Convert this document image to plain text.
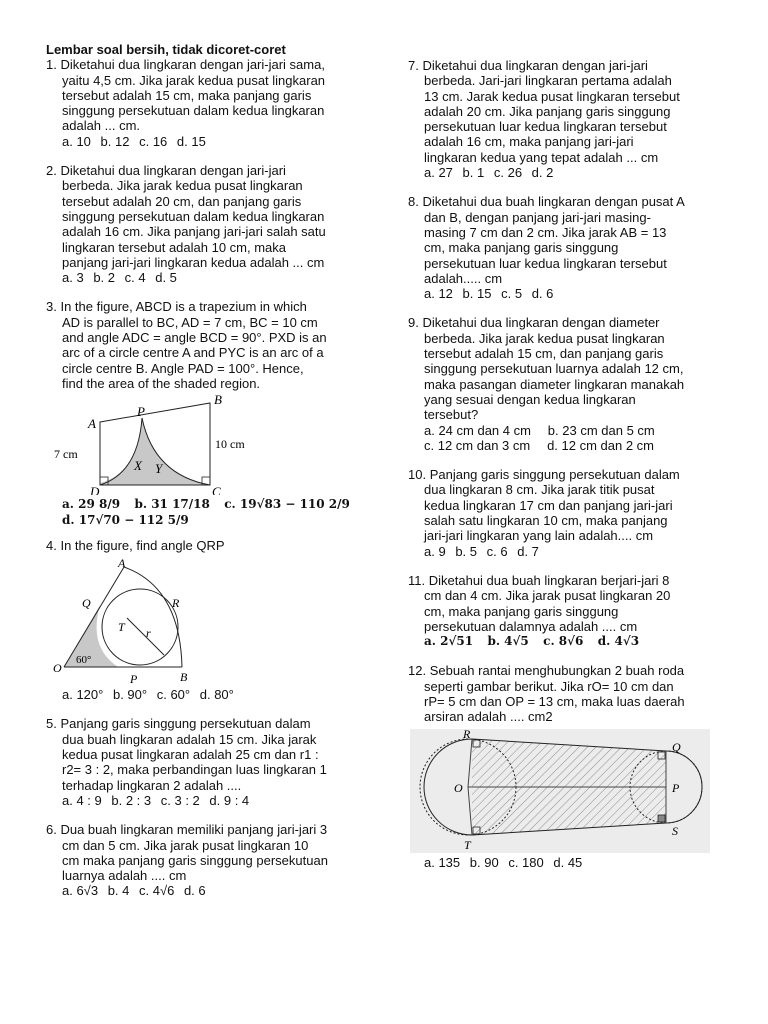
Lembar soal bersih, tidak dicoret-coret

1. Diketahui dua lingkaran dengan jari-jari sama,
yaitu 4,5 cm. Jika jarak kedua pusat lingkaran
tersebut adalah 15 cm, maka panjang garis
singgung persekutuan dalam kedua lingkaran
adalah ... cm.

a. 10 b. 12 c. 16 d. 15

2. Diketahui dua lingkaran dengan jari-jari
berbeda. Jika jarak kedua pusat lingkaran
tersebut adalah 20 cm, dan panjang garis
singgung persekutuan dalam kedua lingkaran
adalah 16 cm. Jika panjang jari-jari salah satu
lingkaran tersebut adalah 10 cm, maka
panjang jari-jari lingkaran kedua adalah ... cm

a. 3 b. 2 c. 4 d. 5

3. In the figure, ABCD is a trapezium in which
AD is parallel to BC, AD = 7 cm, BC = 10 cm
and angle ADC = angle BCD = 90°. PXD is an
arc of a circle centre A and PYC is an arc of a
circle centre B. Angle PAD = 100°. Hence,
find the area of the shaded region.

A
P
B
D	C
X Y
7 cm
10 cm
a. 29 8/9 b. 31 17/18 c. 19√83 − 110 2/9
d. 17√70 − 112 5/9

4. In the figure, find angle QRP

A
Q	R
T r
O
P	B
60°
a. 120° b. 90° c. 60° d. 80°

5. Panjang garis singgung persekutuan dalam
dua buah lingkaran adalah 15 cm. Jika jarak
kedua pusat lingkaran adalah 25 cm dan r1 :
r2= 3 : 2, maka perbandingan luas lingkaran 1
terhadap lingkaran 2 adalah ....

a. 4 : 9 b. 2 : 3 c. 3 : 2 d. 9 : 4

6. Dua buah lingkaran memiliki panjang jari-jari 3
cm dan 5 cm. Jika jarak pusat lingkaran 10
cm maka panjang garis singgung persekutuan
luarnya adalah .... cm

a. 6√3 b. 4 c. 4√6 d. 6

7. Diketahui dua lingkaran dengan jari-jari
berbeda. Jari-jari lingkaran pertama adalah
13 cm. Jarak kedua pusat lingkaran tersebut
adalah 20 cm. Jika panjang garis singgung
persekutuan luar kedua lingkaran tersebut
adalah 16 cm, maka panjang jari-jari
lingkaran kedua yang tepat adalah ... cm

a. 27 b. 1 c. 26 d. 2

8. Diketahui dua buah lingkaran dengan pusat A
dan B, dengan panjang jari-jari masing-
masing 7 cm dan 2 cm. Jika jarak AB = 13
cm, maka panjang garis singgung
persekutuan luar kedua lingkaran tersebut
adalah..... cm

a. 12 b. 15 c. 5 d. 6

9. Diketahui dua lingkaran dengan diameter
berbeda. Jika jarak kedua pusat lingkaran
tersebut adalah 15 cm, dan panjang garis
singgung persekutuan luarnya adalah 12 cm,
maka pasangan diameter lingkaran manakah
yang sesuai dengan kedua lingkaran
tersebut?

a. 24 cm dan 4 cm b. 23 cm dan 5 cm
c. 12 cm dan 3 cm d. 12 cm dan 2 cm

10. Panjang garis singgung persekutuan dalam
dua lingkaran 8 cm. Jika jarak titik pusat
kedua lingkaran 17 cm dan panjang jari-jari
salah satu lingkaran 10 cm, maka panjang
jari-jari lingkaran yang lain adalah.... cm

a. 9 b. 5 c. 6 d. 7

11. Diketahui dua buah lingkaran berjari-jari 8
cm dan 4 cm. Jika jarak pusat lingkaran 20
cm, maka panjang garis singgung
persekutuan dalamnya adalah .... cm

a. 2√51 b. 4√5 c. 8√6 d. 4√3

12. Sebuah rantai menghubungkan 2 buah roda
seperti gambar berikut. Jika rO= 10 cm dan
rP= 5 cm dan OP = 13 cm, maka luas daerah
arsiran adalah .... cm2

R
Q
O	P
T
S
a. 135 b. 90 c. 180 d. 45
